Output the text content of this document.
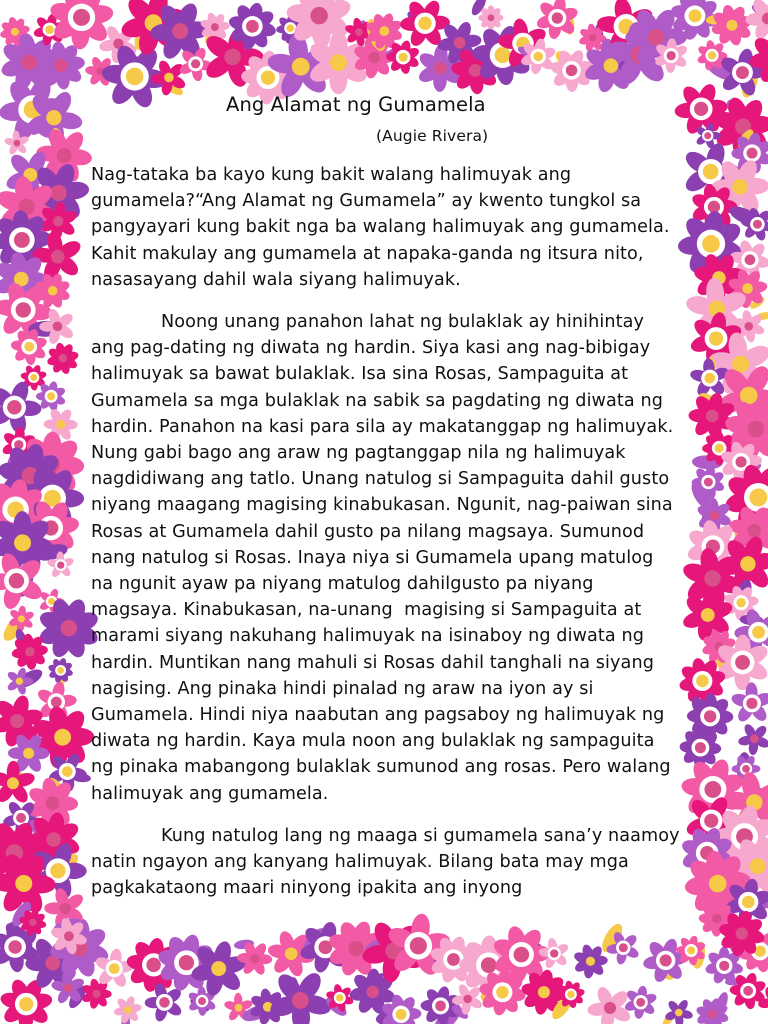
Ang Alamat ng Gumamela
(Augie Rivera)

Nag-tataka ba kayo kung bakit walang halimuyak ang gumamela?“Ang Alamat ng Gumamela” ay kwento tungkol sa pangyayari kung bakit nga ba walang halimuyak ang gumamela. Kahit makulay ang gumamela at napaka-ganda ng itsura nito, nasasayang dahil wala siyang halimuyak.

Noong unang panahon lahat ng bulaklak ay hinihintay ang pag-dating ng diwata ng hardin. Siya kasi ang nag-bibigay halimuyak sa bawat bulaklak. Isa sina Rosas, Sampaguita at Gumamela sa mga bulaklak na sabik sa pagdating ng diwata ng hardin. Panahon na kasi para sila ay makatanggap ng halimuyak. Nung gabi bago ang araw ng pagtanggap nila ng halimuyak nagdidiwang ang tatlo. Unang natulog si Sampaguita dahil gusto niyang maagang magising kinabukasan. Ngunit, nag-paiwan sina Rosas at Gumamela dahil gusto pa nilang magsaya. Sumunod nang natulog si Rosas. Inaya niya si Gumamela upang matulog na ngunit ayaw pa niyang matulog dahilgusto pa niyang magsaya. Kinabukasan, na-unang  magising si Sampaguita at marami siyang nakuhang halimuyak na isinaboy ng diwata ng hardin. Muntikan nang mahuli si Rosas dahil tanghali na siyang nagising. Ang pinaka hindi pinalad ng araw na iyon ay si Gumamela. Hindi niya naabutan ang pagsaboy ng halimuyak ng diwata ng hardin. Kaya mula noon ang bulaklak ng sampaguita ng pinaka mabangong bulaklak sumunod ang rosas. Pero walang halimuyak ang gumamela.

Kung natulog lang ng maaga si gumamela sana’y naamoy natin ngayon ang kanyang halimuyak. Bilang bata may mga pagkakataong maari ninyong ipakita ang inyong
